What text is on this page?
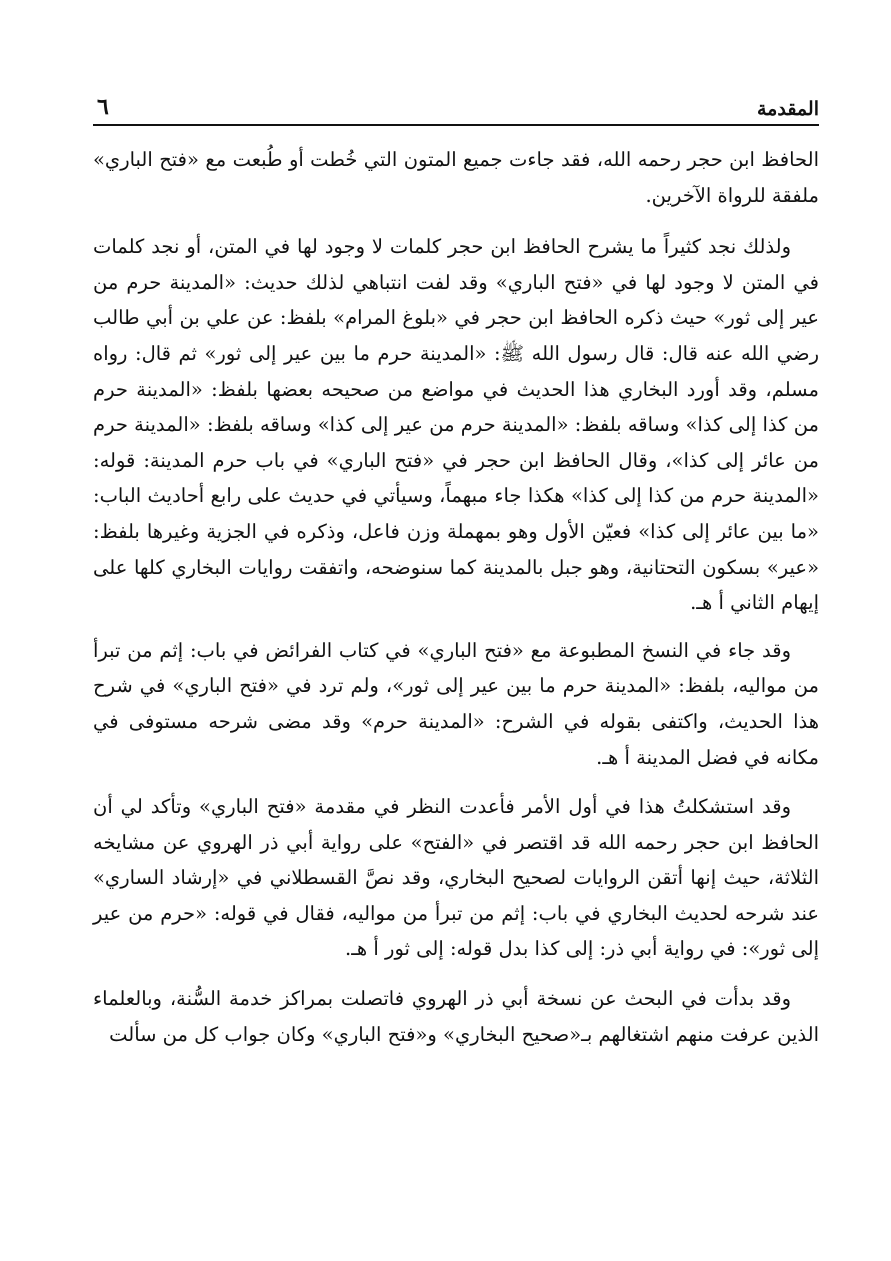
المقدمة
٦

الحافظ ابن حجر رحمه الله، فقد جاءت جميع المتون التي خُطت أو طُبعت مع «فتح الباري» ملفقة للرواة الآخرين.

ولذلك نجد كثيراً ما يشرح الحافظ ابن حجر كلمات لا وجود لها في المتن، أو نجد كلمات في المتن لا وجود لها في «فتح الباري» وقد لفت انتباهي لذلك حديث: «المدينة حرم من عير إلى ثور» حيث ذكره الحافظ ابن حجر في «بلوغ المرام» بلفظ: عن علي بن أبي طالب رضي الله عنه قال: قال رسول الله ﷺ: «المدينة حرم ما بين عير إلى ثور» ثم قال: رواه مسلم، وقد أورد البخاري هذا الحديث في مواضع من صحيحه بعضها بلفظ: «المدينة حرم من كذا إلى كذا» وساقه بلفظ: «المدينة حرم من عير إلى كذا» وساقه بلفظ: «المدينة حرم من عائر إلى كذا»، وقال الحافظ ابن حجر في «فتح الباري» في باب حرم المدينة: قوله: «المدينة حرم من كذا إلى كذا» هكذا جاء مبهماً، وسيأتي في حديث على رابع أحاديث الباب: «ما بين عائر إلى كذا» فعيّن الأول وهو بمهملة وزن فاعل، وذكره في الجزية وغيرها بلفظ: «عير» بسكون التحتانية، وهو جبل بالمدينة كما سنوضحه، واتفقت روايات البخاري كلها على إيهام الثاني أ هـ.

وقد جاء في النسخ المطبوعة مع «فتح الباري» في كتاب الفرائض في باب: إثم من تبرأ من مواليه، بلفظ: «المدينة حرم ما بين عير إلى ثور»، ولم ترد في «فتح الباري» في شرح هذا الحديث، واكتفى بقوله في الشرح: «المدينة حرم» وقد مضى شرحه مستوفى في مكانه في فضل المدينة أ هـ.

وقد استشكلتُ هذا في أول الأمر فأعدت النظر في مقدمة «فتح الباري» وتأكد لي أن الحافظ ابن حجر رحمه الله قد اقتصر في «الفتح» على رواية أبي ذر الهروي عن مشايخه الثلاثة، حيث إنها أتقن الروايات لصحيح البخاري، وقد نصَّ القسطلاني في «إرشاد الساري» عند شرحه لحديث البخاري في باب: إثم من تبرأ من مواليه، فقال في قوله: «حرم من عير إلى ثور»: في رواية أبي ذر: إلى كذا بدل قوله: إلى ثور أ هـ.

وقد بدأت في البحث عن نسخة أبي ذر الهروي فاتصلت بمراكز خدمة السُّنة، وبالعلماء الذين عرفت منهم اشتغالهم بـ«صحيح البخاري» و«فتح الباري» وكان جواب كل من سألت
